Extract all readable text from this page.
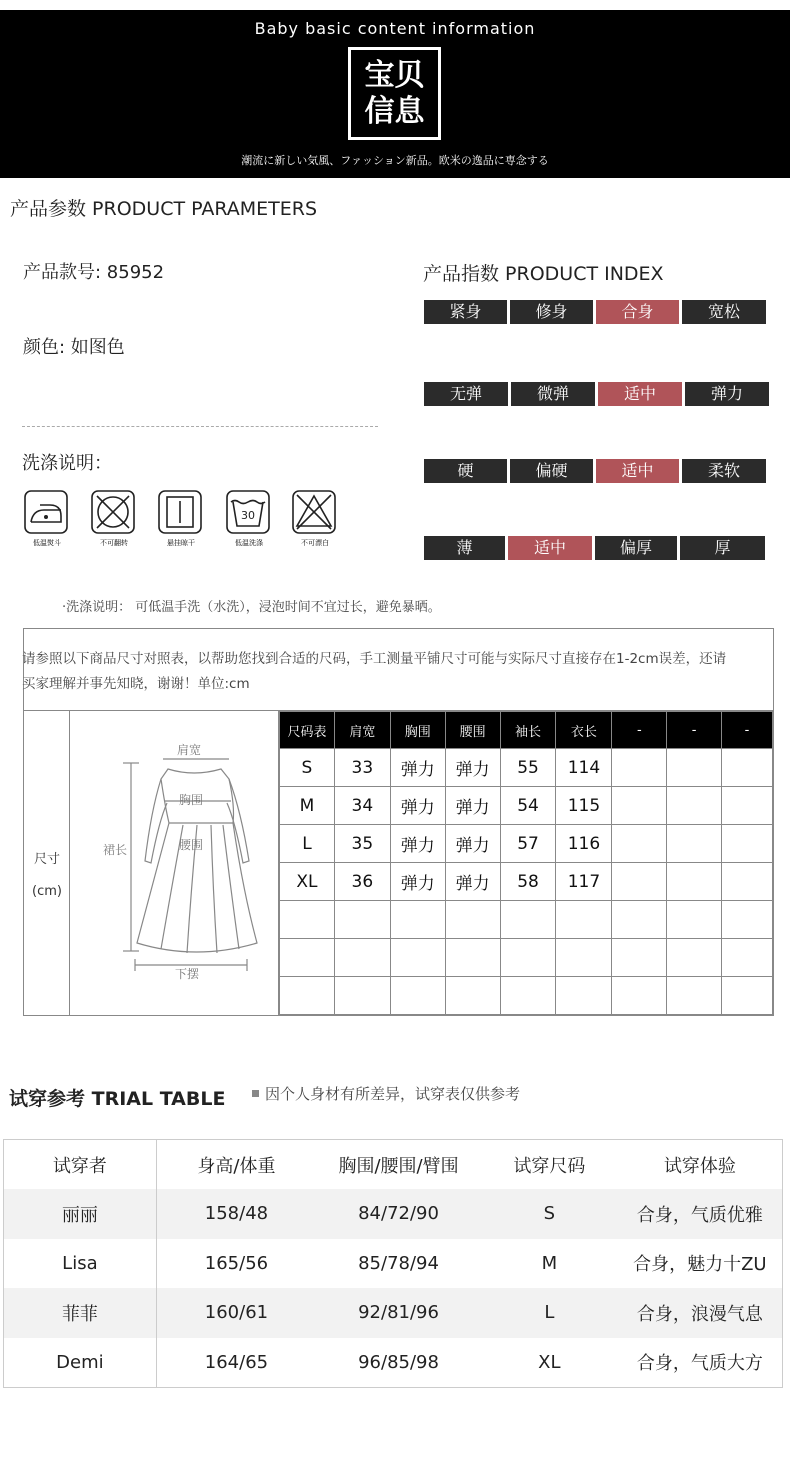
Baby basic content information
宝贝
信息
潮流に新しい気風、ファッション新品。欧米の逸品に専念する
产品参数 PRODUCT PARAMETERS
产品款号: 85952
颜色: 如图色
洗涤说明：
低温熨斗	不可翻转	悬挂晾干
30
低温洗涤	不可漂白
·洗涤说明： 可低温手洗（水洗），浸泡时间不宜过长，避免暴晒。
产品指数 PRODUCT INDEX
紧身	修身	合身	宽松
无弹	微弹	适中	弹力
硬	偏硬	适中	柔软
薄	适中	偏厚	厚
请参照以下商品尺寸对照表，以帮助您找到合适的尺码，手工测量平铺尺寸可能与实际尺寸直接存在1-2cm误差，还请
买家理解并事先知晓，谢谢！单位:cm
尺寸
(cm)
肩宽
胸围
腰围
裙长
下摆
尺码表	肩宽	胸围	腰围	袖长	衣长	-	-	-
S	33	弹力	弹力	55	114			
M	34	弹力	弹力	54	115			
L	35	弹力	弹力	57	116			
XL	36	弹力	弹力	58	117			

试穿参考 TRIAL TABLE	因个人身材有所差异，试穿表仅供参考
试穿者	身高/体重	胸围/腰围/臂围	试穿尺码	试穿体验
丽丽	158/48	84/72/90	S	合身，气质优雅
Lisa	165/56	85/78/94	M	合身，魅力十ZU
菲菲	160/61	92/81/96	L	合身，浪漫气息
Demi	164/65	96/85/98	XL	合身，气质大方
